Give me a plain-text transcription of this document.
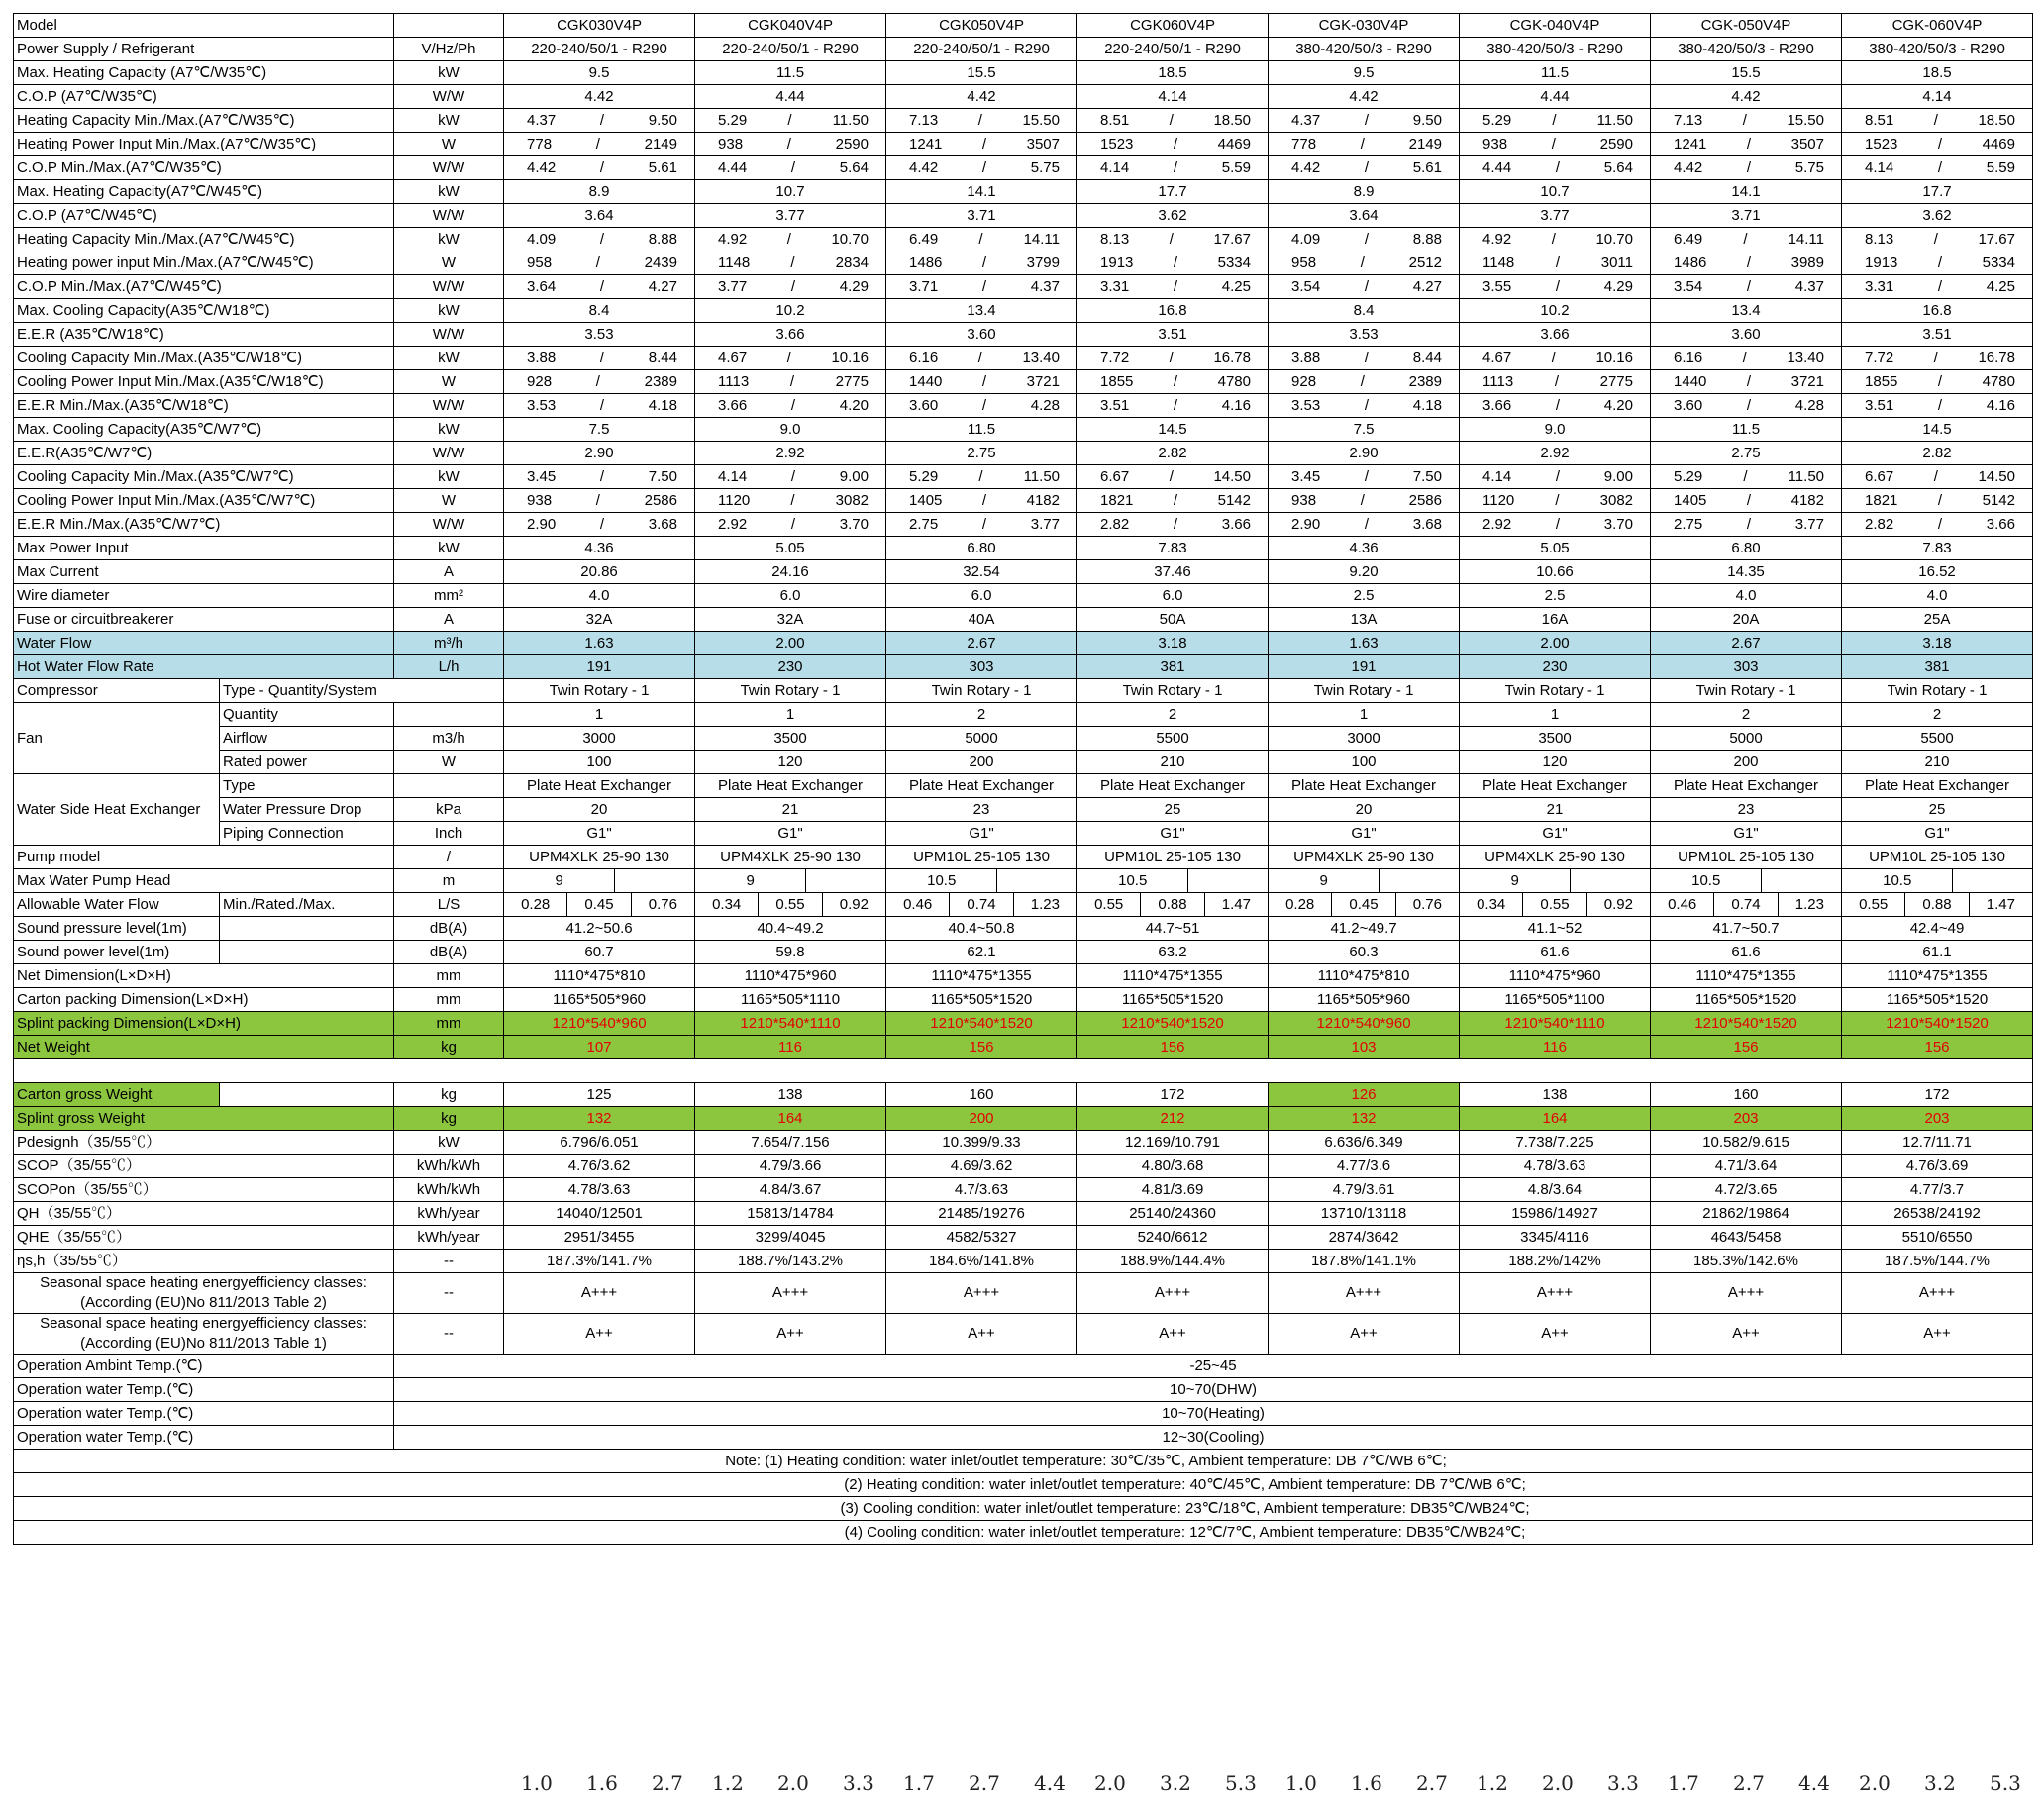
Model			CGK030V4P	CGK040V4P	CGK050V4P	CGK060V4P	CGK-030V4P	CGK-040V4P	CGK-050V4P	CGK-060V4P
Power Supply / Refrigerant		V/Hz/Ph	220-240/50/1 - R290	220-240/50/1 - R290	220-240/50/1 - R290	220-240/50/1 - R290	380-420/50/3 - R290	380-420/50/3 - R290	380-420/50/3 - R290	380-420/50/3 - R290
Max. Heating Capacity (A7℃/W35℃)		kW	9.5	11.5	15.5	18.5	9.5	11.5	15.5	18.5
C.O.P (A7℃/W35℃)		W/W	4.42	4.44	4.42	4.14	4.42	4.44	4.42	4.14
Heating Capacity Min./Max.(A7℃/W35℃)		kW	4.37 / 9.50	5.29 / 11.50	7.13 / 15.50	8.51 / 18.50	4.37 / 9.50	5.29 / 11.50	7.13 / 15.50	8.51 / 18.50

Heating Power Input Min./Max.(A7℃/W35℃)		W	778 / 2149	938 / 2590	1241 / 3507	1523 / 4469	778 / 2149	938 / 2590	1241 / 3507	1523 / 4469

C.O.P Min./Max.(A7℃/W35℃)		W/W	4.42 / 5.61	4.44 / 5.64	4.42 / 5.75	4.14 / 5.59	4.42 / 5.61	4.44 / 5.64	4.42 / 5.75	4.14 / 5.59

Max. Heating Capacity(A7℃/W45℃)		kW	8.9	10.7	14.1	17.7	8.9	10.7	14.1	17.7
C.O.P (A7℃/W45℃)		W/W	3.64	3.77	3.71	3.62	3.64	3.77	3.71	3.62
Heating Capacity Min./Max.(A7℃/W45℃)		kW	4.09 / 8.88	4.92 / 10.70	6.49 / 14.11	8.13 / 17.67	4.09 / 8.88	4.92 / 10.70	6.49 / 14.11	8.13 / 17.67

Heating power input Min./Max.(A7℃/W45℃)		W	958 / 2439	1148 / 2834	1486 / 3799	1913 / 5334	958 / 2512	1148 / 3011	1486 / 3989	1913 / 5334

C.O.P Min./Max.(A7℃/W45℃)		W/W	3.64 / 4.27	3.77 / 4.29	3.71 / 4.37	3.31 / 4.25	3.54 / 4.27	3.55 / 4.29	3.54 / 4.37	3.31 / 4.25

Max. Cooling Capacity(A35℃/W18℃)		kW	8.4	10.2	13.4	16.8	8.4	10.2	13.4	16.8
E.E.R (A35℃/W18℃)		W/W	3.53	3.66	3.60	3.51	3.53	3.66	3.60	3.51
Cooling Capacity Min./Max.(A35℃/W18℃)		kW	3.88 / 8.44	4.67 / 10.16	6.16 / 13.40	7.72 / 16.78	3.88 / 8.44	4.67 / 10.16	6.16 / 13.40	7.72 / 16.78

Cooling Power Input Min./Max.(A35℃/W18℃)		W	928 / 2389	1113 / 2775	1440 / 3721	1855 / 4780	928 / 2389	1113 / 2775	1440 / 3721	1855 / 4780

E.E.R Min./Max.(A35℃/W18℃)		W/W	3.53 / 4.18	3.66 / 4.20	3.60 / 4.28	3.51 / 4.16	3.53 / 4.18	3.66 / 4.20	3.60 / 4.28	3.51 / 4.16

Max. Cooling Capacity(A35℃/W7℃)		kW	7.5	9.0	11.5	14.5	7.5	9.0	11.5	14.5
E.E.R(A35℃/W7℃)		W/W	2.90	2.92	2.75	2.82	2.90	2.92	2.75	2.82
Cooling Capacity Min./Max.(A35℃/W7℃)		kW	3.45 / 7.50	4.14 / 9.00	5.29 / 11.50	6.67 / 14.50	3.45 / 7.50	4.14 / 9.00	5.29 / 11.50	6.67 / 14.50

Cooling Power Input Min./Max.(A35℃/W7℃)		W	938 / 2586	1120 / 3082	1405 / 4182	1821 / 5142	938 / 2586	1120 / 3082	1405 / 4182	1821 / 5142

E.E.R Min./Max.(A35℃/W7℃)		W/W	2.90 / 3.68	2.92 / 3.70	2.75 / 3.77	2.82 / 3.66	2.90 / 3.68	2.92 / 3.70	2.75 / 3.77	2.82 / 3.66

Max Power Input		kW	4.36	5.05	6.80	7.83	4.36	5.05	6.80	7.83
Max Current		A	20.86	24.16	32.54	37.46	9.20	10.66	14.35	16.52
Wire diameter		mm²	4.0	6.0	6.0	6.0	2.5	2.5	4.0	4.0
Fuse or circuitbreakerer		A	32A	32A	40A	50A	13A	16A	20A	25A
Water Flow		m³/h	1.63	2.00	2.67	3.18	1.63	2.00	2.67	3.18
Hot Water Flow Rate		L/h	191	230	303	381	191	230	303	381
Compressor	Type - Quantity/System		Twin Rotary - 1	Twin Rotary - 1	Twin Rotary - 1	Twin Rotary - 1	Twin Rotary - 1	Twin Rotary - 1	Twin Rotary - 1	Twin Rotary - 1
Fan	Quantity		1	1	2	2	1	1	2	2
	Airflow	m3/h	3000	3500	5000	5500	3000	3500	5000	5500
	Rated power	W	100	120	200	210	100	120	200	210
Water Side Heat Exchanger	Type		Plate Heat Exchanger	Plate Heat Exchanger	Plate Heat Exchanger	Plate Heat Exchanger	Plate Heat Exchanger	Plate Heat Exchanger	Plate Heat Exchanger	Plate Heat Exchanger
	Water Pressure Drop	kPa	20	21	23	25	20	21	23	25
	Piping Connection	Inch	G1"	G1"	G1"	G1"	G1"	G1"	G1"	G1"
Pump model		/	UPM4XLK 25-90 130	UPM4XLK 25-90 130	UPM10L 25-105 130	UPM10L 25-105 130	UPM4XLK 25-90 130	UPM4XLK 25-90 130	UPM10L 25-105 130	UPM10L 25-105 130
Max Water Pump Head		m	9	9	10.5	10.5	9	9	10.5	10.5

Allowable Water Flow	Min./Rated./Max.	L/S	0.28 0.45 0.76	0.34 0.55 0.92	0.46 0.74 1.23	0.55 0.88 1.47	0.28 0.45 0.76	0.34 0.55 0.92	0.46 0.74 1.23	0.55 0.88 1.47

Sound pressure level(1m)		dB(A)	41.2~50.6	40.4~49.2	40.4~50.8	44.7~51	41.2~49.7	41.1~52	41.7~50.7	42.4~49
Sound power level(1m)		dB(A)	60.7	59.8	62.1	63.2	60.3	61.6	61.6	61.1
Net Dimension(L×D×H)		mm	1110*475*810	1110*475*960	1110*475*1355	1110*475*1355	1110*475*810	1110*475*960	1110*475*1355	1110*475*1355
Carton packing Dimension(L×D×H)		mm	1165*505*960	1165*505*1110	1165*505*1520	1165*505*1520	1165*505*960	1165*505*1100	1165*505*1520	1165*505*1520
Splint packing Dimension(L×D×H)		mm	1210*540*960	1210*540*1110	1210*540*1520	1210*540*1520	1210*540*960	1210*540*1110	1210*540*1520	1210*540*1520
Net Weight		kg	107	116	156	156	103	116	156	156

Carton gross Weight		kg	125	138	160	172	126	138	160	172
Splint gross Weight		kg	132	164	200	212	132	164	203	203
Pdesignh（35/55℃）		kW	6.796/6.051	7.654/7.156	10.399/9.33	12.169/10.791	6.636/6.349	7.738/7.225	10.582/9.615	12.7/11.71
SCOP（35/55℃）		kWh/kWh	4.76/3.62	4.79/3.66	4.69/3.62	4.80/3.68	4.77/3.6	4.78/3.63	4.71/3.64	4.76/3.69
SCOPon（35/55℃）		kWh/kWh	4.78/3.63	4.84/3.67	4.7/3.63	4.81/3.69	4.79/3.61	4.8/3.64	4.72/3.65	4.77/3.7
QH（35/55℃）		kWh/year	14040/12501	15813/14784	21485/19276	25140/24360	13710/13118	15986/14927	21862/19864	26538/24192
QHE（35/55℃）		kWh/year	2951/3455	3299/4045	4582/5327	5240/6612	2874/3642	3345/4116	4643/5458	5510/6550
ηs,h（35/55℃）		--	187.3%/141.7%	188.7%/143.2%	184.6%/141.8%	188.9%/144.4%	187.8%/141.1%	188.2%/142%	185.3%/142.6%	187.5%/144.7%

Seasonal space heating energyefficiency classes:
(According (EU)No 811/2013 Table 2)		--	A+++	A+++	A+++	A+++	A+++	A+++	A+++	A+++

Seasonal space heating energyefficiency classes:
(According (EU)No 811/2013 Table 1)		--	A++	A++	A++	A++	A++	A++	A++	A++
Operation Ambint Temp.(℃)		-25~45								
Operation water Temp.(℃)		10~70(DHW)								
Operation water Temp.(℃)		10~70(Heating)								
Operation water Temp.(℃)		12~30(Cooling)								
Note: (1) Heating condition: water inlet/outlet temperature: 30℃/35℃, Ambient temperature: DB 7℃/WB 6℃;										
(2) Heating condition: water inlet/outlet temperature: 40℃/45℃, Ambient temperature: DB 7℃/WB 6℃;										
(3) Cooling condition: water inlet/outlet temperature: 23℃/18℃, Ambient temperature: DB35℃/WB24℃;										
(4) Cooling condition: water inlet/outlet temperature: 12℃/7℃, Ambient temperature: DB35℃/WB24℃;										
1.0 1.6 2.7 1.2 2.0 3.3 1.7 2.7 4.4 2.0 3.2 5.3 1.0 1.6 2.7 1.2 2.0 3.3 1.7 2.7 4.4 2.0 3.2 5.3
